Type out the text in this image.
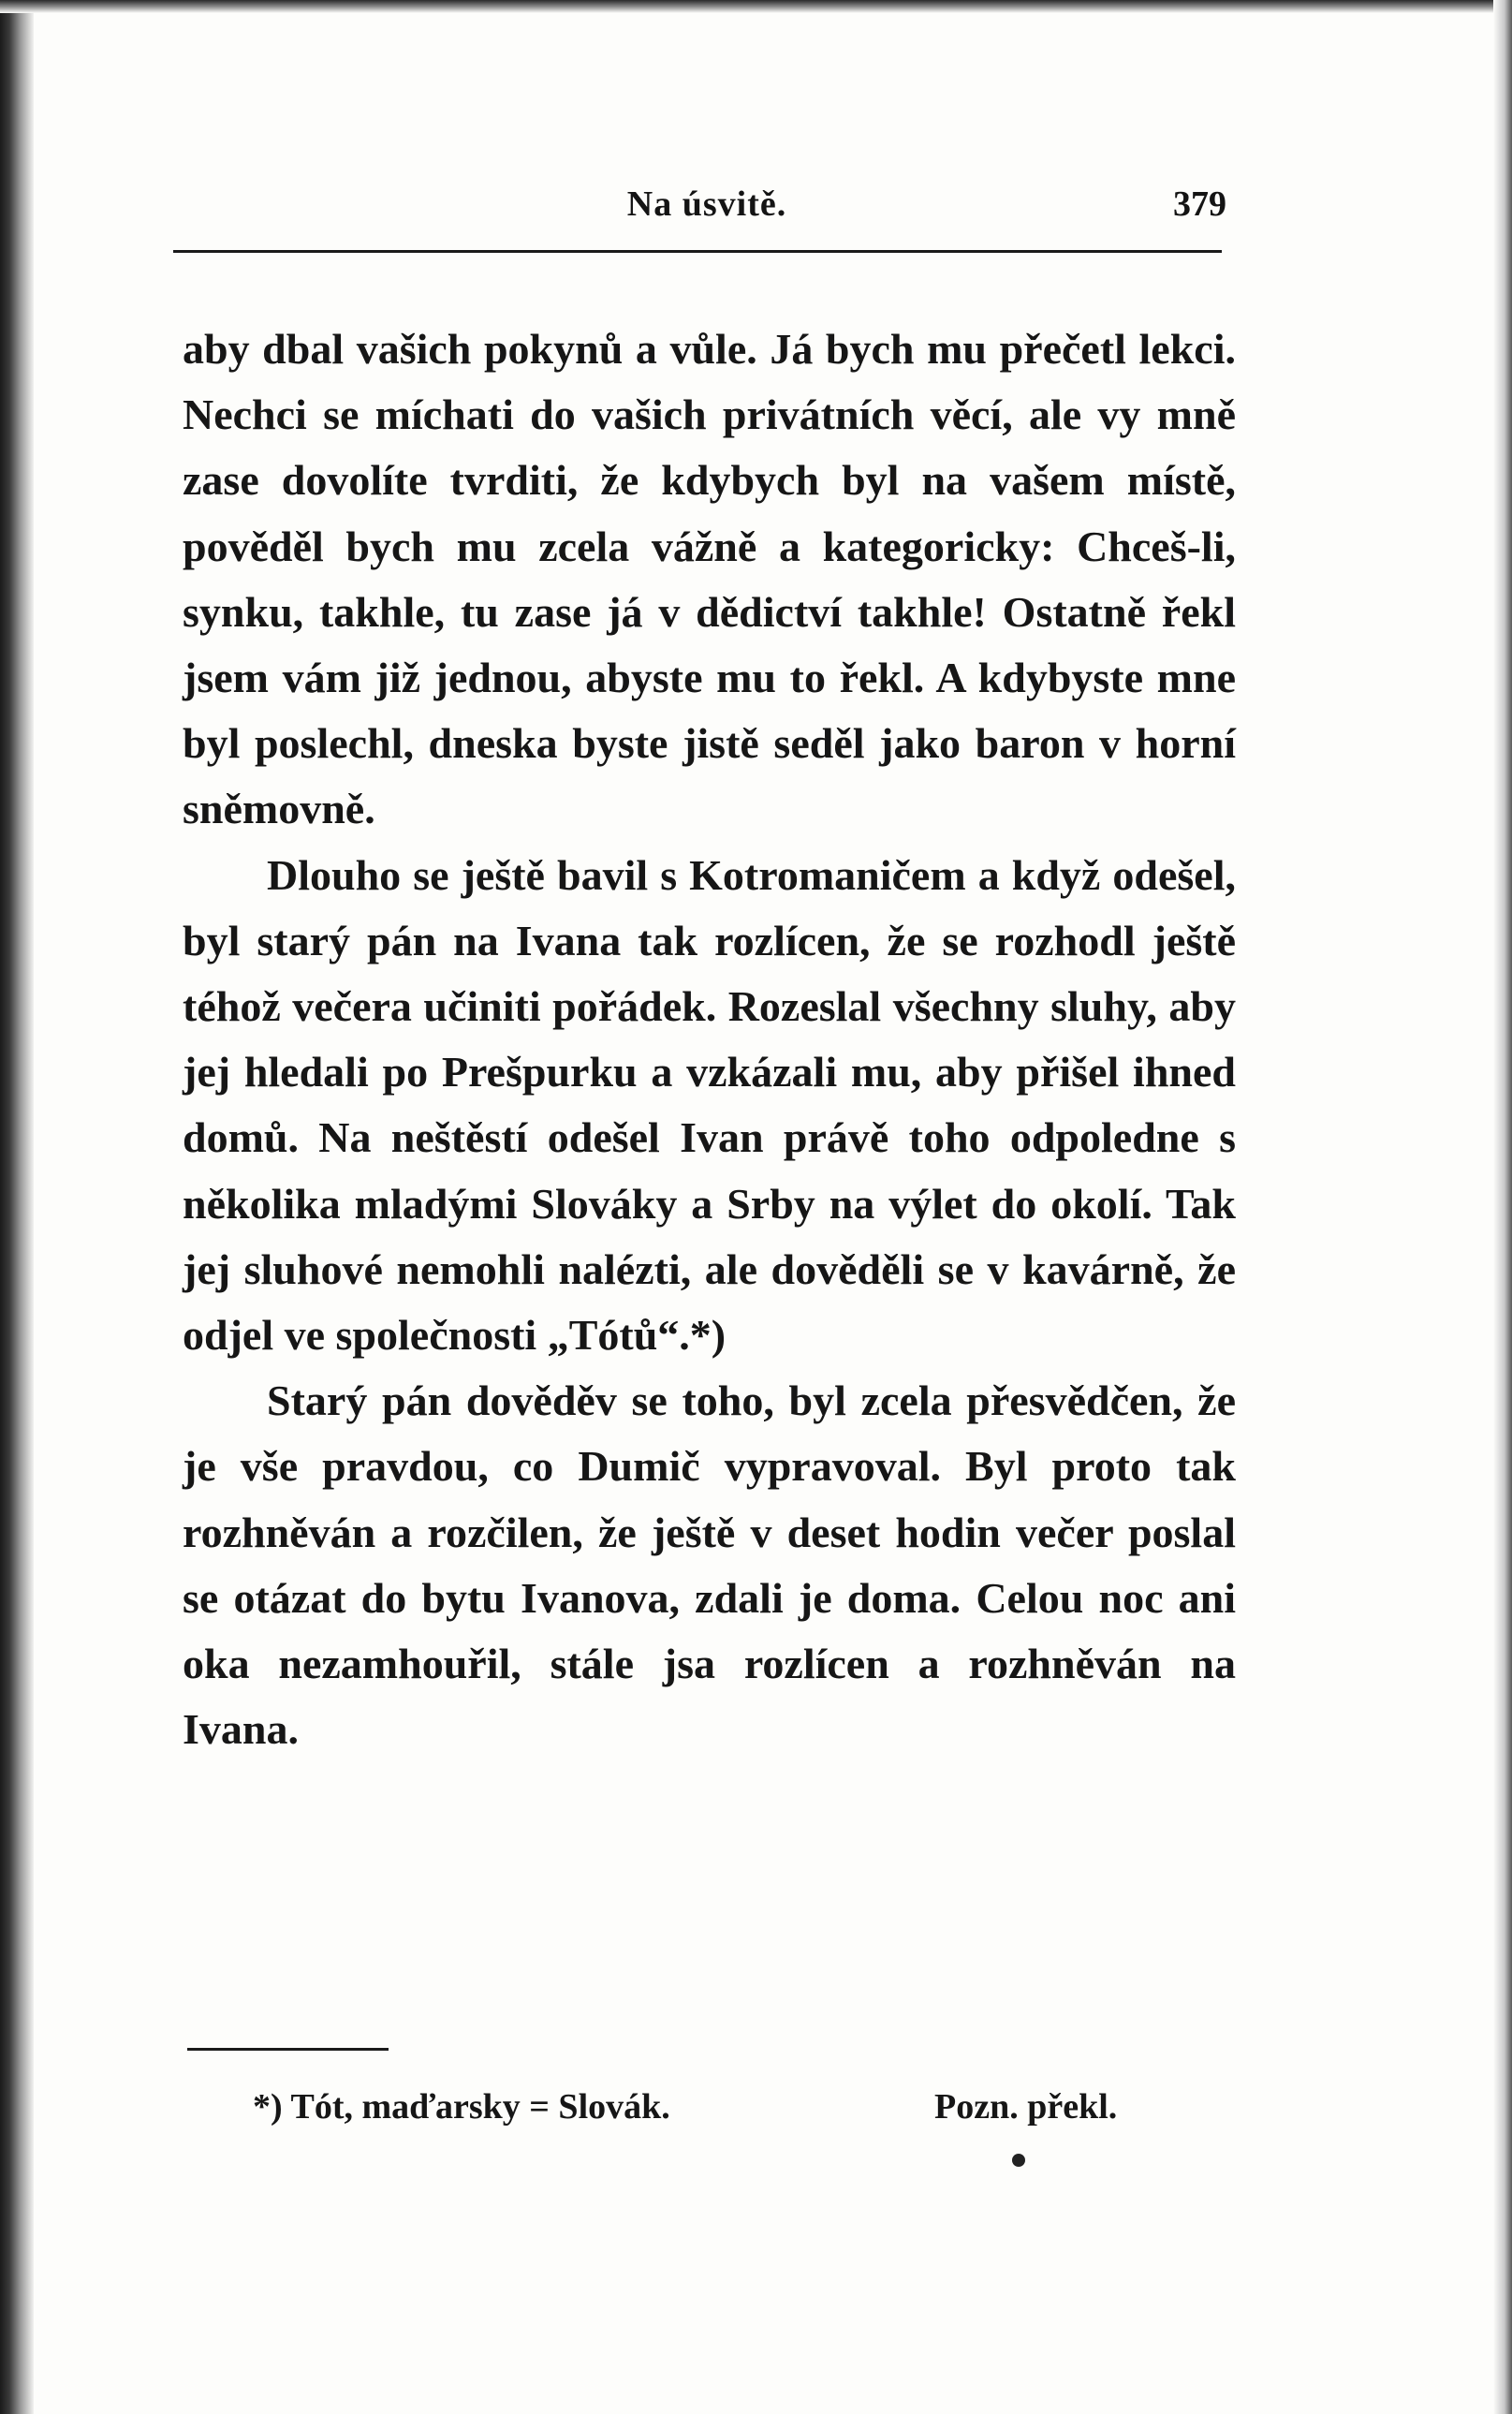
Na úsvitě.	379

aby dbal vašich pokynů a vůle. Já bych mu přečetl lekci. Nechci se míchati do vašich privátních věcí, ale vy mně zase dovolíte tvrditi, že kdybych byl na vašem místě, pověděl bych mu zcela vážně a kategoricky: Chceš-li, synku, takhle, tu zase já v dědictví takhle! Ostatně řekl jsem vám již jednou, abyste mu to řekl. A kdybyste mne byl poslechl, dneska byste jistě seděl jako baron v horní sněmovně.

Dlouho se ještě bavil s Kotromaničem a když odešel, byl starý pán na Ivana tak rozlícen, že se rozhodl ještě téhož večera učiniti pořádek. Rozeslal všechny sluhy, aby jej hledali po Prešpurku a vzkázali mu, aby přišel ihned domů. Na neštěstí odešel Ivan právě toho odpoledne s několika mladými Slováky a Srby na výlet do okolí. Tak jej sluhové nemohli nalézti, ale dověděli se v kavárně, že odjel ve společnosti „Tótů“.*)

Starý pán dověděv se toho, byl zcela přesvědčen, že je vše pravdou, co Dumič vypravoval. Byl proto tak rozhněván a rozčilen, že ještě v deset hodin večer poslal se otázat do bytu Ivanova, zdali je doma. Celou noc ani oka nezamhouřil, stále jsa rozlícen a rozhněván na Ivana.

*) Tót, maďarsky = Slovák.	Pozn. překl.
